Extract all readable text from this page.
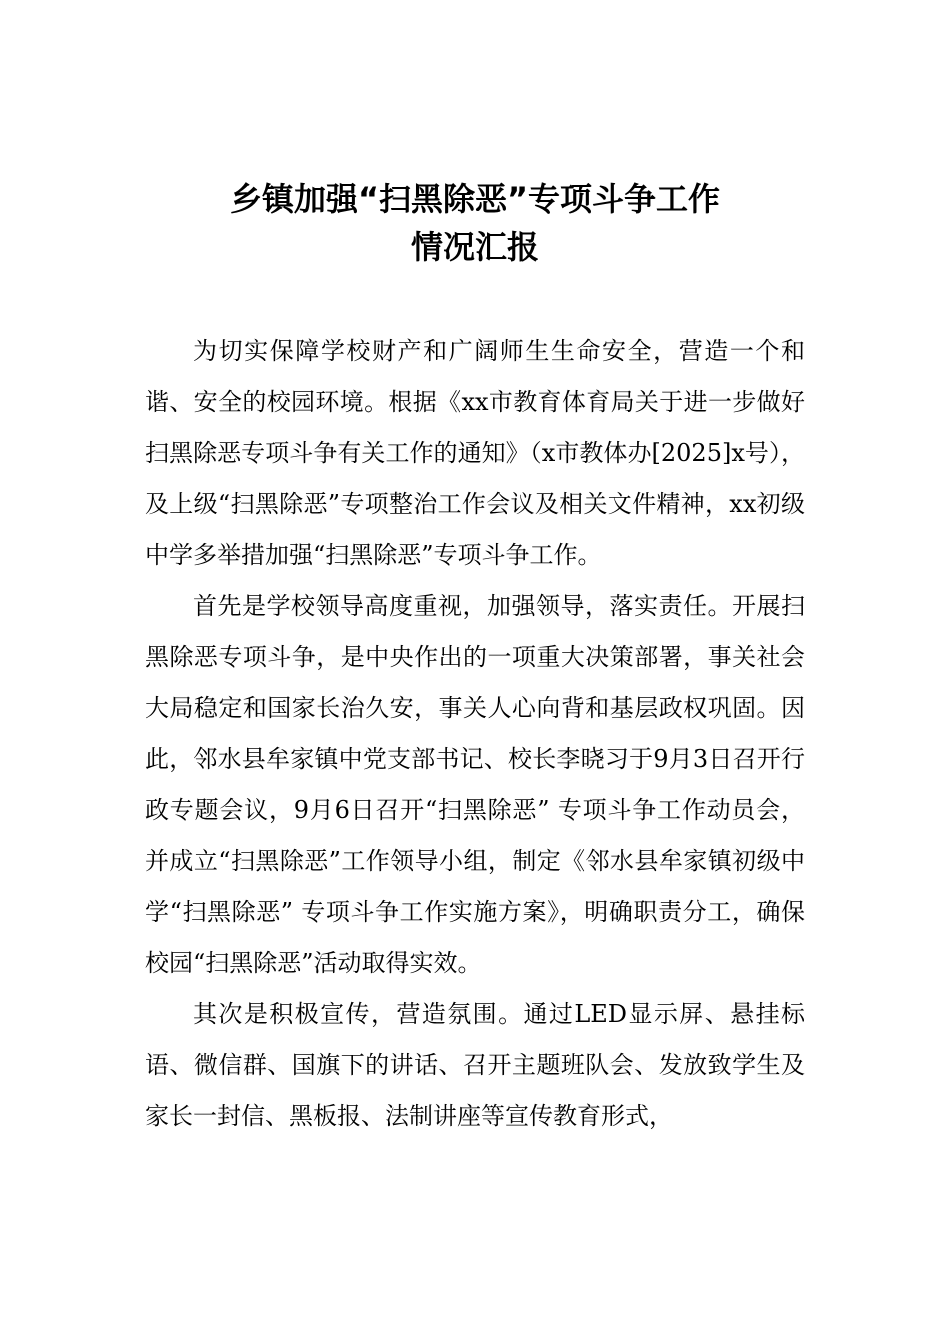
乡镇加强“扫黑除恶”专项斗争工作
情况汇报

为切实保障学校财产和广阔师生生命安全，营造一个和谐、安全的校园环境。根据《xx市教育体育局关于进一步做好扫黑除恶专项斗争有关工作的通知》（x市教体办[2025]x号），及上级“扫黑除恶”专项整治工作会议及相关文件精神，xx初级中学多举措加强“扫黑除恶”专项斗争工作。

首先是学校领导高度重视，加强领导，落实责任。开展扫黑除恶专项斗争，是中央作出的一项重大决策部署，事关社会大局稳定和国家长治久安，事关人心向背和基层政权巩固。因此，邻水县牟家镇中党支部书记、校长李晓习于9月3日召开行政专题会议，9月6日召开“扫黑除恶” 专项斗争工作动员会，并成立“扫黑除恶”工作领导小组，制定《邻水县牟家镇初级中学“扫黑除恶” 专项斗争工作实施方案》，明确职责分工，确保校园“扫黑除恶”活动取得实效。

其次是积极宣传，营造氛围。通过LED显示屏、悬挂标语、微信群、国旗下的讲话、召开主题班队会、发放致学生及家长一封信、黑板报、法制讲座等宣传教育形式，
